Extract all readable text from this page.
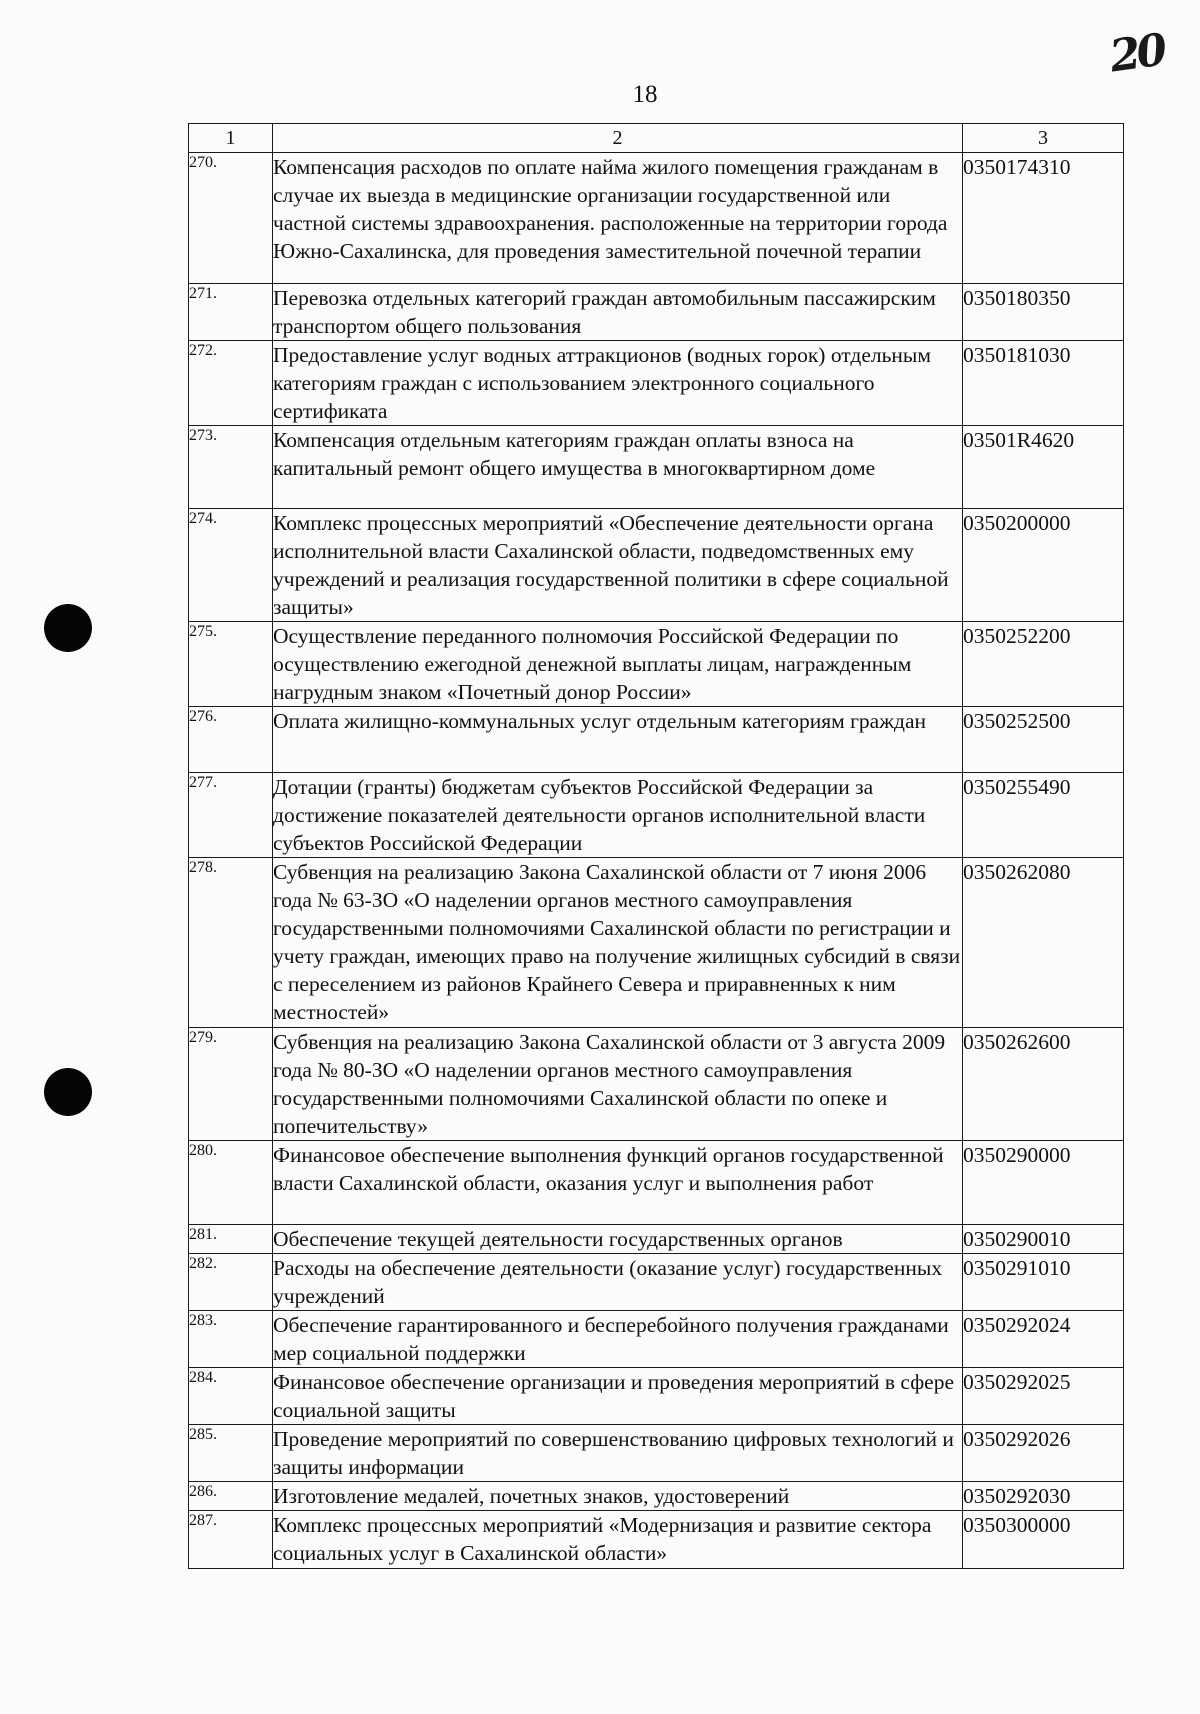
18
20
1	2	3
270.	Компенсация расходов по оплате найма жилого помещения гражданам в случае их выезда в медицинские организации государственной или частной системы здравоохранения. расположенные на территории города Южно-Сахалинска, для проведения заместительной почечной терапии	0350174310
271.	Перевозка отдельных категорий граждан автомобильным пассажирским транспортом общего пользования	0350180350
272.	Предоставление услуг водных аттракционов (водных горок) отдельным категориям граждан с использованием электронного социального сертификата	0350181030
273.	Компенсация отдельным категориям граждан оплаты взноса на капитальный ремонт общего имущества в многоквартирном доме	03501R4620
274.	Комплекс процессных мероприятий «Обеспечение деятельности органа исполнительной власти Сахалинской области, подведомственных ему учреждений и реализация государственной политики в сфере социальной защиты»	0350200000
275.	Осуществление переданного полномочия Российской Федерации по осуществлению ежегодной денежной выплаты лицам, награжденным нагрудным знаком «Почетный донор России»	0350252200
276.	Оплата жилищно-коммунальных услуг отдельным категориям граждан	0350252500
277.	Дотации (гранты) бюджетам субъектов Российской Федерации за достижение показателей деятельности органов исполнительной власти субъектов Российской Федерации	0350255490
278.	Субвенция на реализацию Закона Сахалинской области от 7 июня 2006 года № 63-ЗО «О наделении органов местного самоуправления государственными полномочиями Сахалинской области по регистрации и учету граждан, имеющих право на получение жилищных субсидий в связи с переселением из районов Крайнего Севера и приравненных к ним местностей»	0350262080
279.	Субвенция на реализацию Закона Сахалинской области от 3 августа 2009 года № 80-ЗО «О наделении органов местного самоуправления государственными полномочиями Сахалинской области по опеке и попечительству»	0350262600
280.	Финансовое обеспечение выполнения функций органов государственной власти Сахалинской области, оказания услуг и выполнения работ	0350290000
281.	Обеспечение текущей деятельности государственных органов	0350290010
282.	Расходы на обеспечение деятельности (оказание услуг) государственных учреждений	0350291010
283.	Обеспечение гарантированного и бесперебойного получения гражданами мер социальной поддержки	0350292024
284.	Финансовое обеспечение организации и проведения мероприятий в сфере социальной защиты	0350292025
285.	Проведение мероприятий по совершенствованию цифровых технологий и защиты информации	0350292026
286.	Изготовление медалей, почетных знаков, удостоверений	0350292030
287.	Комплекс процессных мероприятий «Модернизация и развитие сектора социальных услуг в Сахалинской области»	0350300000
